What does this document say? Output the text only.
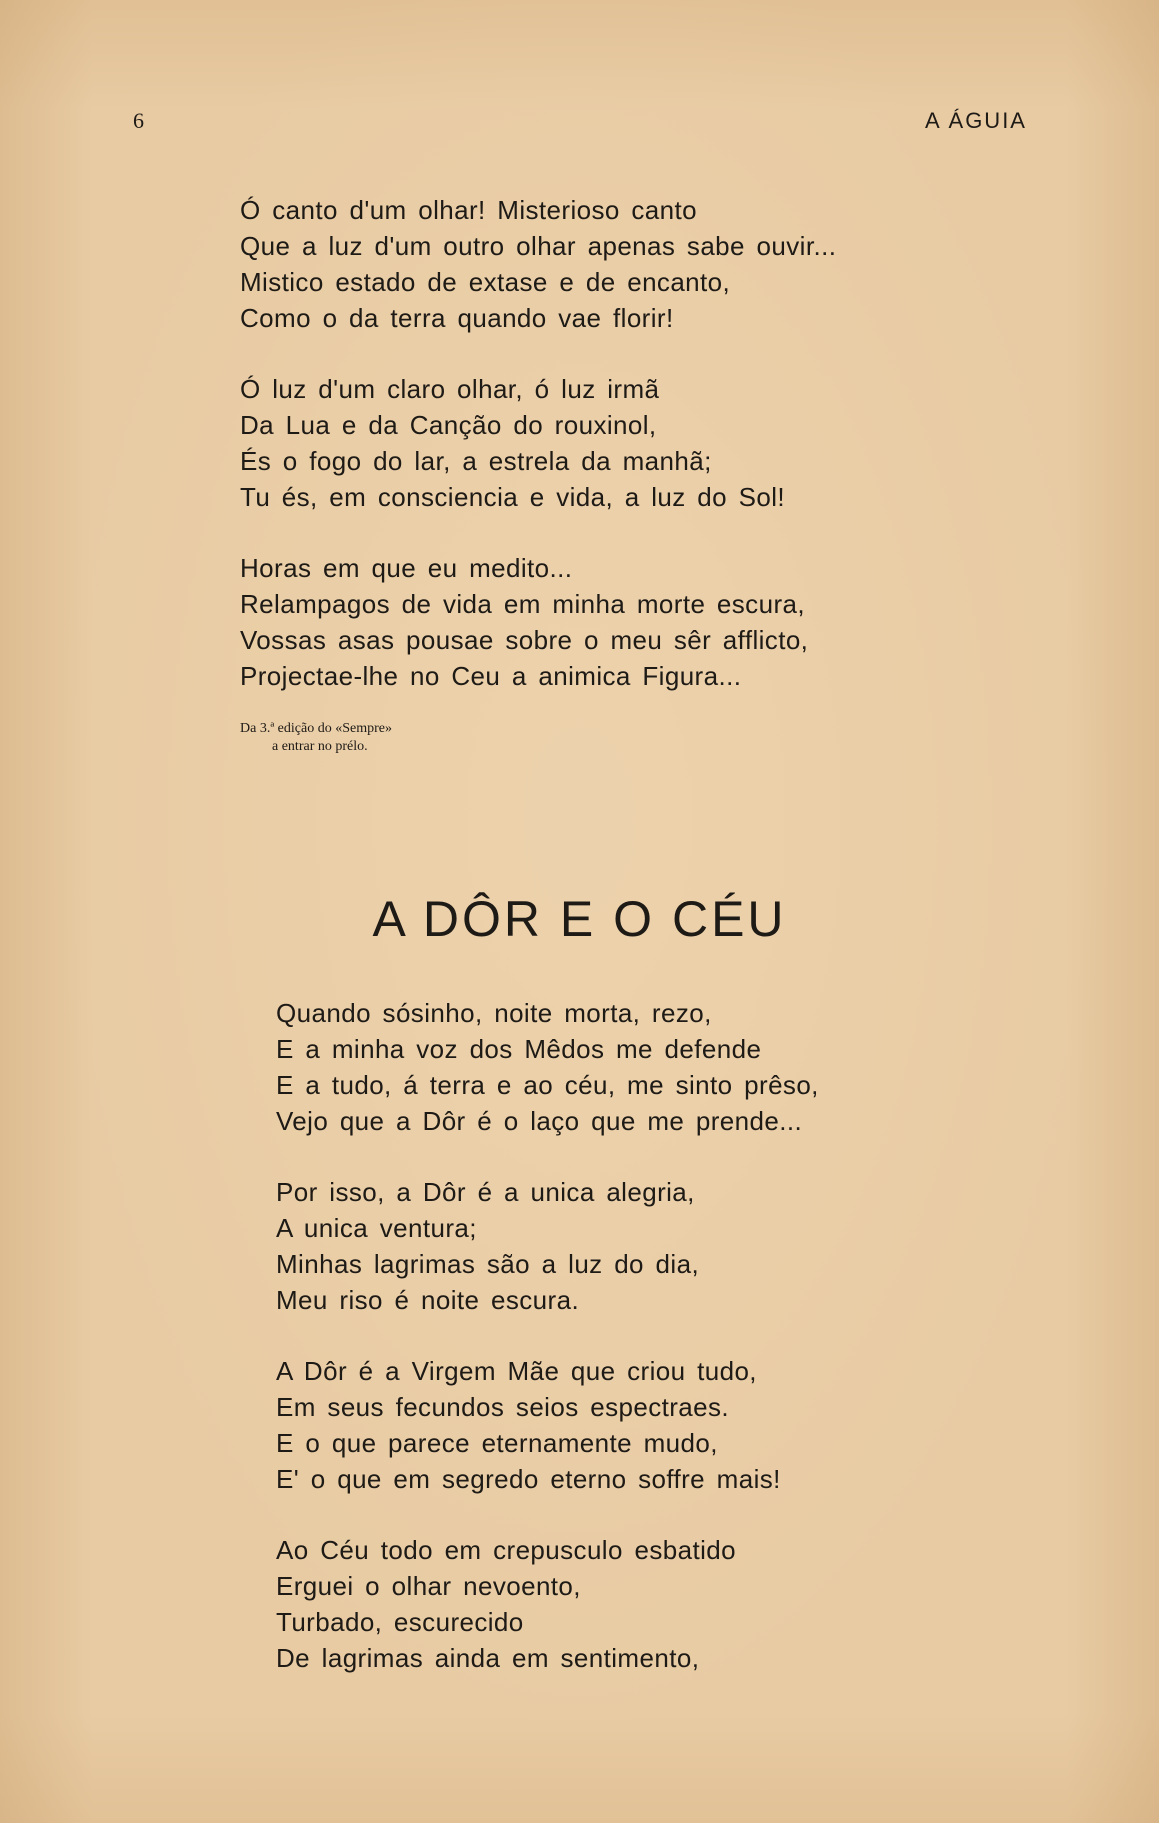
6	A ÁGUIA
Ó canto d'um olhar! Misterioso canto
Que a luz d'um outro olhar apenas sabe ouvir...
Mistico estado de extase e de encanto,
Como o da terra quando vae florir!
Ó luz d'um claro olhar, ó luz irmã
Da Lua e da Canção do rouxinol,
És o fogo do lar, a estrela da manhã;
Tu és, em consciencia e vida, a luz do Sol!
Horas em que eu medito...
Relampagos de vida em minha morte escura,
Vossas asas pousae sobre o meu sêr afflicto,
Projectae-lhe no Ceu a animica Figura...
Da 3.ª edição do «Sempre»
a entrar no prélo.
A DÔR E O CÉU
Quando sósinho, noite morta, rezo,
E a minha voz dos Mêdos me defende
E a tudo, á terra e ao céu, me sinto prêso,
Vejo que a Dôr é o laço que me prende...
Por isso, a Dôr é a unica alegria,
A unica ventura;
Minhas lagrimas são a luz do dia,
Meu riso é noite escura.
A Dôr é a Virgem Mãe que criou tudo,
Em seus fecundos seios espectraes.
E o que parece eternamente mudo,
E' o que em segredo eterno soffre mais!
Ao Céu todo em crepusculo esbatido
Erguei o olhar nevoento,
Turbado, escurecido
De lagrimas ainda em sentimento,
